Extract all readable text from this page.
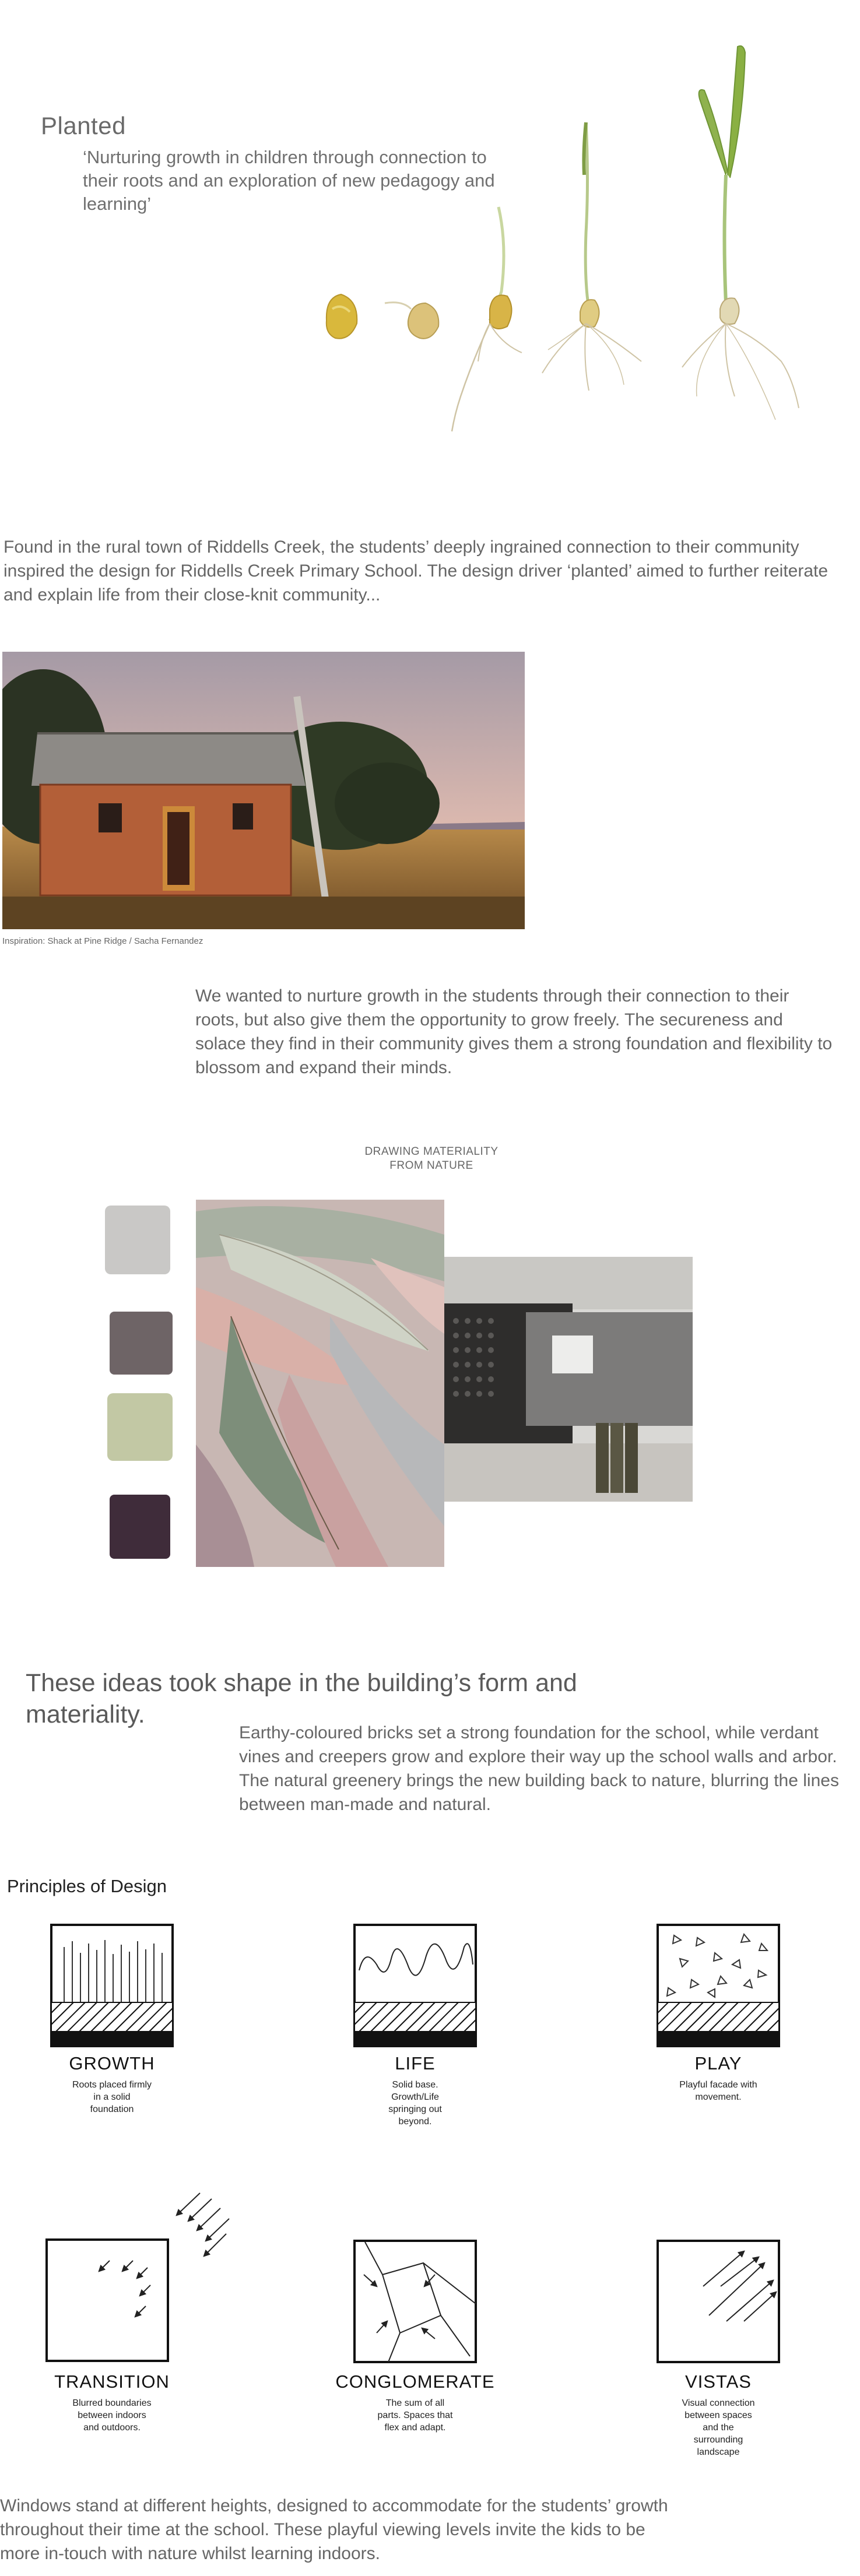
Planted
‘Nurturing growth in children through connection to their roots and an exploration of new pedagogy and learning’
Found in the rural town of Riddells Creek, the students’ deeply ingrained connection to their community inspired the design for Riddells Creek Primary School. The design driver ‘planted’ aimed to further reiterate and explain life from their close-knit community...
Inspiration: Shack at Pine Ridge / Sacha Fernandez
We wanted to nurture growth in the students through their connection to their roots, but also give them the opportunity to grow freely. The secureness and solace they find in their community gives them a strong foundation and flexibility to blossom and expand their minds.
DRAWING MATERIALITY
FROM NATURE
These ideas took shape in the building’s form and materiality.
Earthy-coloured bricks set a strong foundation for the school, while verdant vines and creepers grow and explore their way up the school walls and arbor. The natural greenery brings the new building back to nature, blurring the lines between man-made and natural.
Principles of Design
GROWTH
Roots placed firmly in a solid foundation
LIFE
Solid base. Growth/Life springing out beyond.
PLAY
Playful facade with movement.
TRANSITION
Blurred boundaries between indoors and outdoors.
CONGLOMERATE
The sum of all parts. Spaces that flex and adapt.
VISTAS
Visual connection between spaces and the surrounding landscape
Windows stand at different heights, designed to accommodate for the students’ growth throughout their time at the school. These playful viewing levels invite the kids to be more in-touch with nature whilst learning indoors.
